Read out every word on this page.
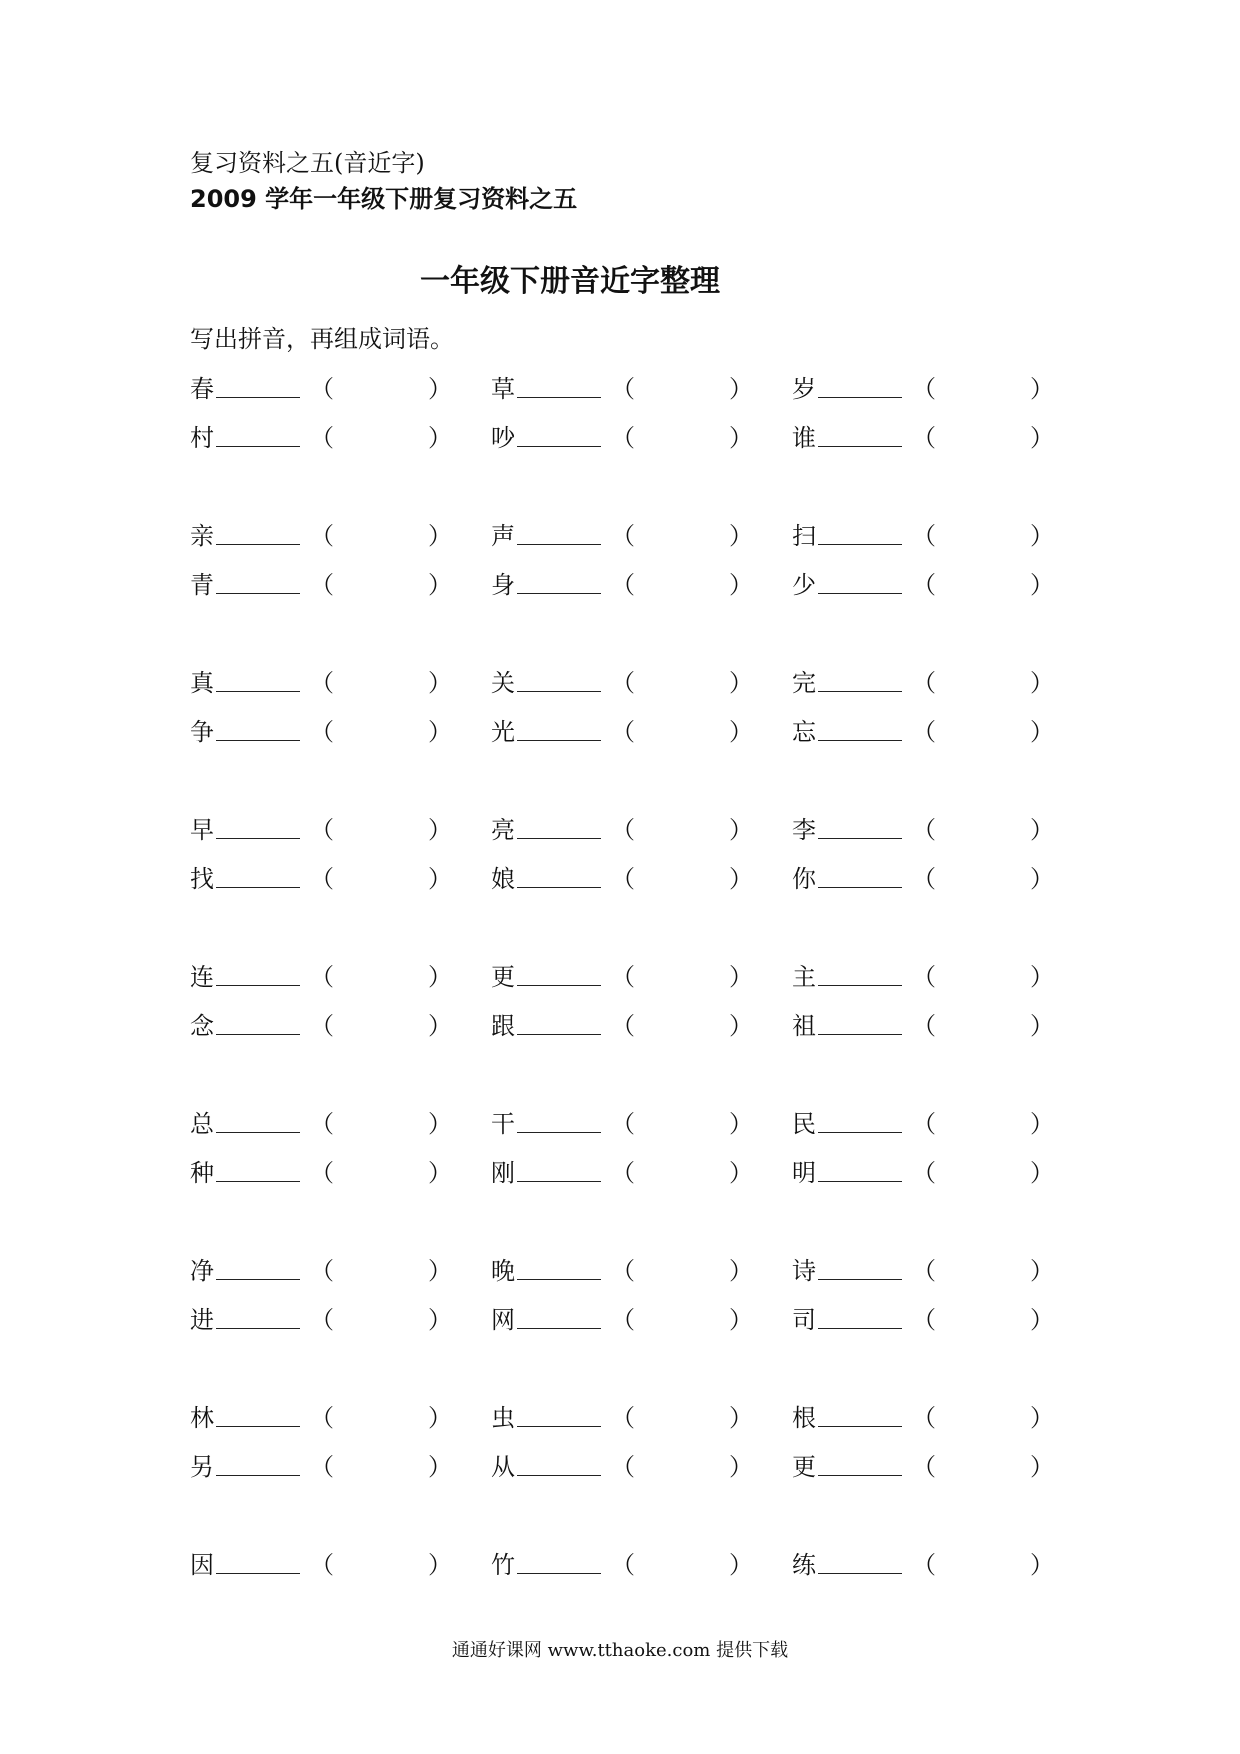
复习资料之五(音近字)
2009 学年一年级下册复习资料之五
一年级下册音近字整理
写出拼音，再组成词语。
春	（	） 草	（	） 岁	（	）
村	（	） 吵	（	） 谁	（	）
亲	（	） 声	（	） 扫	（	）
青	（	） 身	（	） 少	（	）
真	（	） 关	（	） 完	（	）
争	（	） 光	（	） 忘	（	）
早	（	） 亮	（	） 李	（	）
找	（	） 娘	（	） 你	（	）
连	（	） 更	（	） 主	（	）
念	（	） 跟	（	） 祖	（	）
总	（	） 干	（	） 民	（	）
种	（	） 刚	（	） 明	（	）
净	（	） 晚	（	） 诗	（	）
进	（	） 网	（	） 司	（	）
林	（	） 虫	（	） 根	（	）
另	（	） 从	（	） 更	（	）
因	（	） 竹	（	） 练	（	）
通通好课网 www.tthaoke.com 提供下载
